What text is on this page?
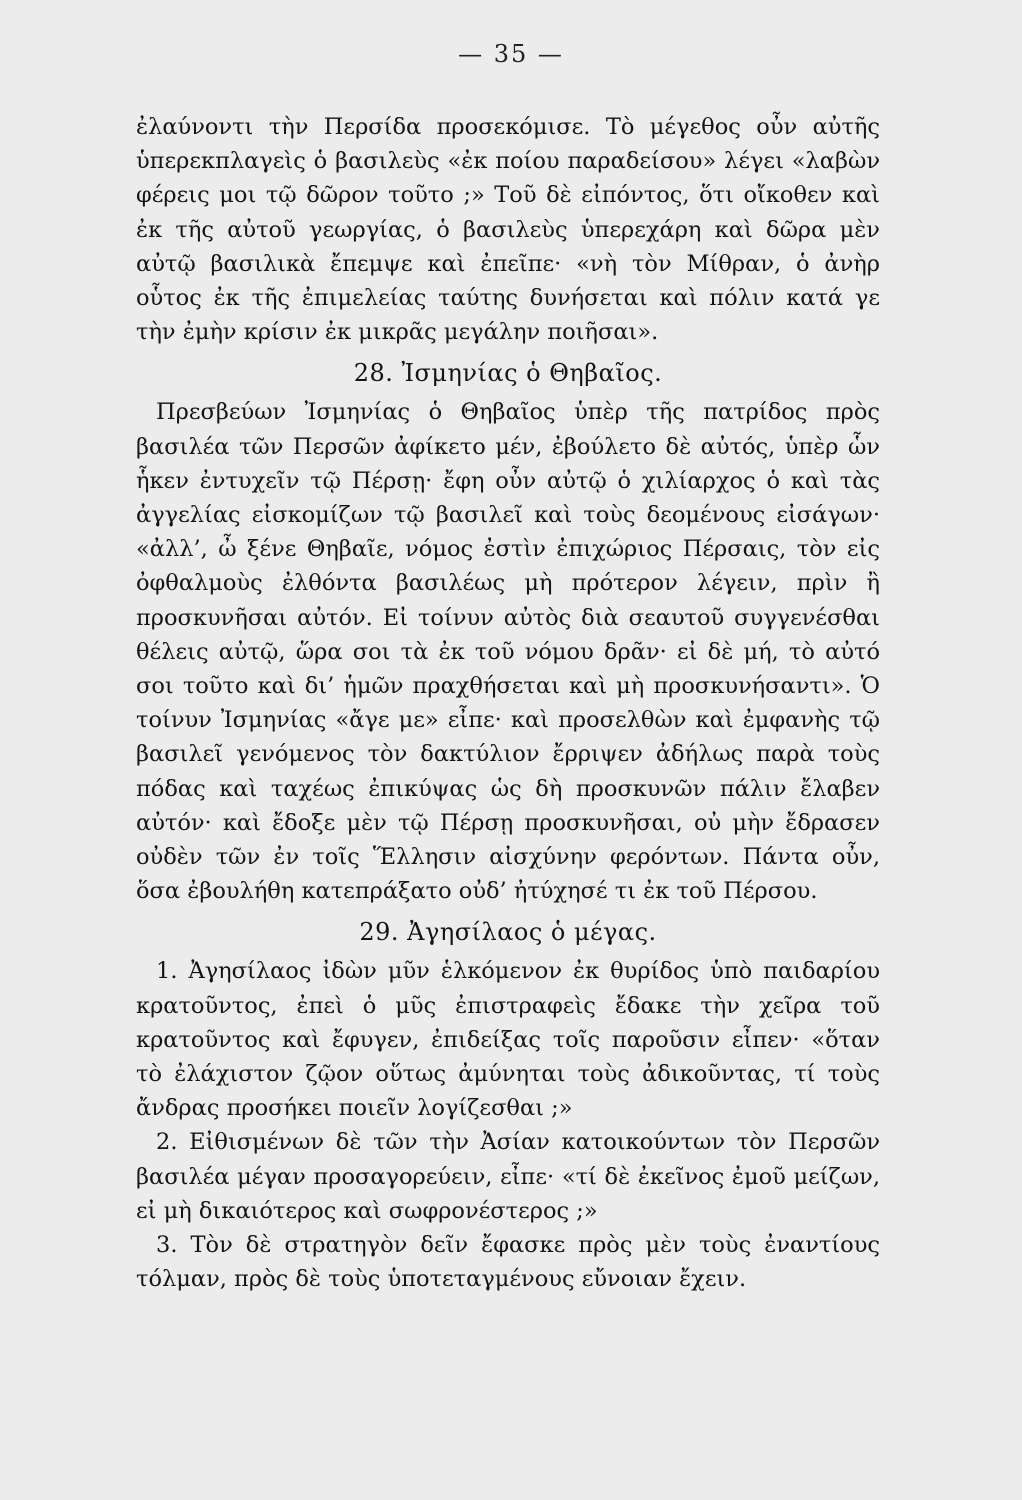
— 35 —

ἐλαύνοντι τὴν Περσίδα προσεκόμισε. Τὸ μέγεθος οὖν αὐτῆς ὑπερεκπλαγεὶς ὁ βασιλεὺς «ἐκ ποίου παραδείσου» λέγει «λαβὼν φέρεις μοι τῷ δῶρον τοῦτο ;» Τοῦ δὲ εἰπόντος, ὅτι οἴκοθεν καὶ ἐκ τῆς αὐτοῦ γεωργίας, ὁ βασιλεὺς ὑπερεχάρη καὶ δῶρα μὲν αὐτῷ βασιλικὰ ἔπεμψε καὶ ἐπεῖπε· «νὴ τὸν Μίθραν, ὁ ἀνὴρ οὗτος ἐκ τῆς ἐπιμελείας ταύτης δυνήσεται καὶ πόλιν κατά γε τὴν ἐμὴν κρίσιν ἐκ μικρᾶς μεγάλην ποιῆσαι».

28. Ἰσμηνίας ὁ Θηβαῖος.

Πρεσβεύων Ἰσμηνίας ὁ Θηβαῖος ὑπὲρ τῆς πατρίδος πρὸς βασιλέα τῶν Περσῶν ἀφίκετο μέν, ἐβούλετο δὲ αὐτός, ὑπὲρ ὧν ἧκεν ἐντυχεῖν τῷ Πέρσῃ· ἔφη οὖν αὐτῷ ὁ χιλίαρχος ὁ καὶ τὰς ἀγγελίας εἰσκομίζων τῷ βασιλεῖ καὶ τοὺς δεομένους εἰσάγων· «ἀλλ’, ὦ ξένε Θηβαῖε, νόμος ἐστὶν ἐπιχώριος Πέρσαις, τὸν εἰς ὀφθαλμοὺς ἐλθόντα βασιλέως μὴ πρότερον λέγειν, πρὶν ἢ προσκυνῆσαι αὐτόν. Εἰ τοίνυν αὐτὸς διὰ σεαυτοῦ συγγενέσθαι θέλεις αὐτῷ, ὥρα σοι τὰ ἐκ τοῦ νόμου δρᾶν· εἰ δὲ μή, τὸ αὐτό σοι τοῦτο καὶ δι’ ἡμῶν πραχθήσεται καὶ μὴ προσκυνήσαντι». Ὁ τοίνυν Ἰσμηνίας «ἄγε με» εἶπε· καὶ προσελθὼν καὶ ἐμφανὴς τῷ βασιλεῖ γενόμενος τὸν δακτύλιον ἔρριψεν ἀδήλως παρὰ τοὺς πόδας καὶ ταχέως ἐπικύψας ὡς δὴ προσκυνῶν πάλιν ἔλαβεν αὐτόν· καὶ ἔδοξε μὲν τῷ Πέρσῃ προσκυνῆσαι, οὐ μὴν ἔδρασεν οὐδὲν τῶν ἐν τοῖς Ἕλλησιν αἰσχύνην φερόντων. Πάντα οὖν, ὅσα ἐβουλήθη κατεπράξατο οὐδ’ ἠτύχησέ τι ἐκ τοῦ Πέρσου.

29. Ἀγησίλαος ὁ μέγας.

1. Ἀγησίλαος ἰδὼν μῦν ἑλκόμενον ἐκ θυρίδος ὑπὸ παιδαρίου κρατοῦντος, ἐπεὶ ὁ μῦς ἐπιστραφεὶς ἔδακε τὴν χεῖρα τοῦ κρατοῦντος καὶ ἔφυγεν, ἐπιδείξας τοῖς παροῦσιν εἶπεν· «ὅταν τὸ ἐλάχιστον ζῷον οὕτως ἀμύνηται τοὺς ἀδικοῦντας, τί τοὺς ἄνδρας προσήκει ποιεῖν λογίζεσθαι ;»

2. Εἰθισμένων δὲ τῶν τὴν Ἀσίαν κατοικούντων τὸν Περσῶν βασιλέα μέγαν προσαγορεύειν, εἶπε· «τί δὲ ἐκεῖνος ἐμοῦ μείζων, εἰ μὴ δικαιότερος καὶ σωφρονέστερος ;»

3. Τὸν δὲ στρατηγὸν δεῖν ἔφασκε πρὸς μὲν τοὺς ἐναντίους τόλμαν, πρὸς δὲ τοὺς ὑποτεταγμένους εὔνοιαν ἔχειν.
